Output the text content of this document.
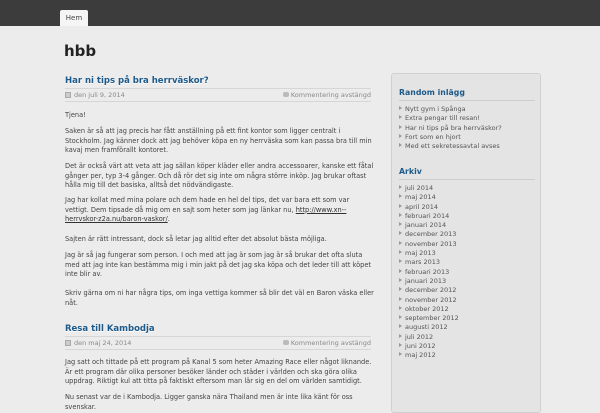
Hem
hbb
Har ni tips på bra herrväskor?
den juli 9, 2014	Kommentering avstängd
Tjena!
Saken är så att jag precis har fått anställning på ett fint kontor som ligger centralt i Stockholm. Jag känner dock att jag behöver köpa en ny herrväska som kan passa bra till min kavaj men framförallt kontoret.
Det är också värt att veta att jag sällan köper kläder eller andra accessoarer, kanske ett fåtal gånger per, typ 3-4 gånger. Och då rör det sig inte om några större inköp. Jag brukar oftast hålla mig till det basiska, alltså det nödvändigaste.
Jag har kollat med mina polare och dem hade en hel del tips, det var bara ett som var vettigt. Dem tipsade då mig om en sajt som heter som jag länkar nu, http://www.xn--herrvskor-z2a.nu/baron-vaskor/.
Sajten är rätt intressant, dock så letar jag alltid efter det absolut bästa möjliga.
Jag är så jag fungerar som person. I och med att jag är som jag är så brukar det ofta sluta med att jag inte kan bestämma mig i min jakt på det jag ska köpa och det leder till att köpet inte blir av.
Skriv gärna om ni har några tips, om inga vettiga kommer så blir det väl en Baron väska eller nåt.
Resa till Kambodja
den maj 24, 2014	Kommentering avstängd
Jag satt och tittade på ett program på Kanal 5 som heter Amazing Race eller något liknande. Är ett program där olika personer besöker länder och städer i världen och ska göra olika uppdrag. Riktigt kul att titta på faktiskt eftersom man lär sig en del om världen samtidigt.
Nu senast var de i Kambodja. Ligger ganska nära Thailand men är inte lika känt för oss svenskar.
Random inlägg
Nytt gym i Spånga
Extra pengar till resan!
Har ni tips på bra herrväskor?
Fort som en hjort
Med ett sekretessavtal avses
Arkiv
juli 2014
maj 2014
april 2014
februari 2014
januari 2014
december 2013
november 2013
maj 2013
mars 2013
februari 2013
januari 2013
december 2012
november 2012
oktober 2012
september 2012
augusti 2012
juli 2012
juni 2012
maj 2012
